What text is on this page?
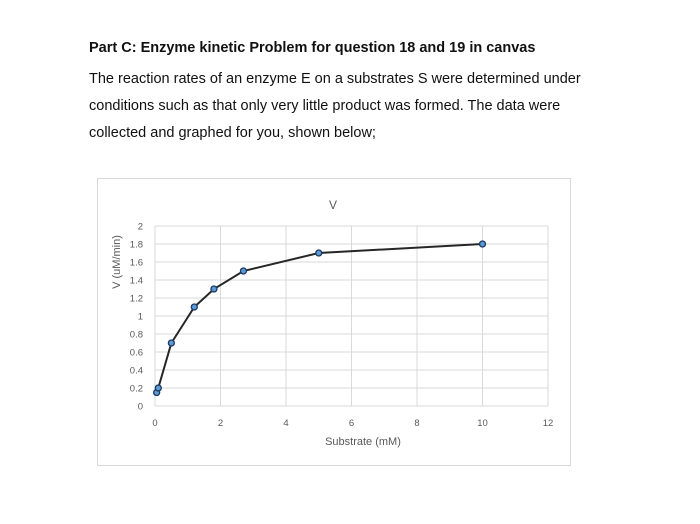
Part C: Enzyme kinetic Problem for question 18 and 19 in canvas
The reaction rates of an enzyme E on a substrates S were determined under
conditions such as that only very little product was formed. The data were
collected and graphed for you, shown below;
0
0.2
0.4
0.6
0.8
1
1.2
1.4
1.6
1.8
2
0	2	4	6	8	10	12
V
Substrate (mM)
V (uM/min)
